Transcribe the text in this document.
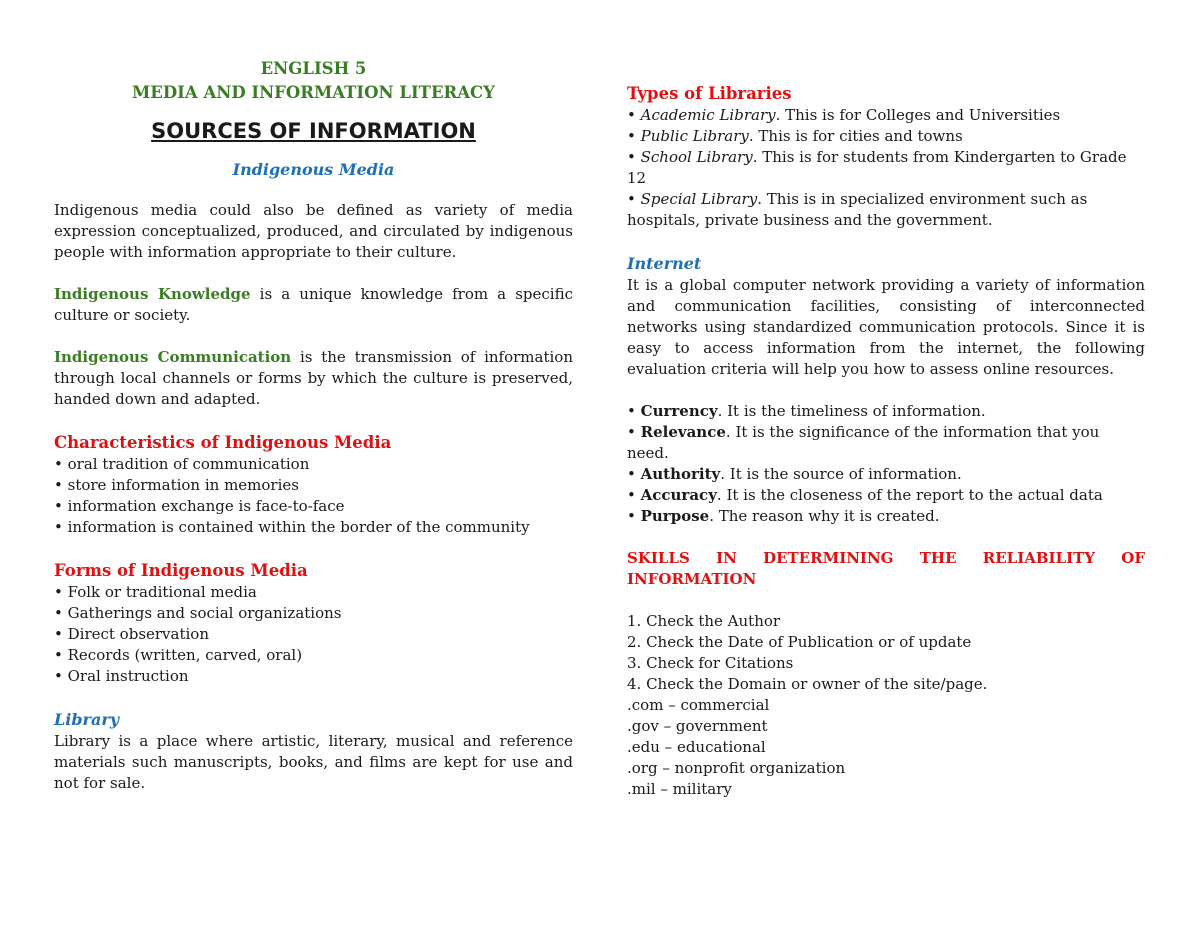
ENGLISH 5

MEDIA AND INFORMATION LITERACY

SOURCES OF INFORMATION

Indigenous Media

Indigenous media could also be defined as variety of media expression conceptualized, produced, and circulated by indigenous people with information appropriate to their culture.

Indigenous Knowledge is a unique knowledge from a specific culture or society.

Indigenous Communication is the transmission of information through local channels or forms by which the culture is preserved, handed down and adapted.

Characteristics of Indigenous Media

• oral tradition of communication

• store information in memories

• information exchange is face-to-face

• information is contained within the border of the community

Forms of Indigenous Media

• Folk or traditional media

• Gatherings and social organizations

• Direct observation

• Records (written, carved, oral)

• Oral instruction

Library

Library is a place where artistic, literary, musical and reference materials such manuscripts, books, and films are kept for use and not for sale.

Types of Libraries

• Academic Library. This is for Colleges and Universities

• Public Library. This is for cities and towns

• School Library. This is for students from Kindergarten to Grade 12

• Special Library. This is in specialized environment such as hospitals, private business and the government.

Internet

It is a global computer network providing a variety of information and communication facilities, consisting of interconnected networks using standardized communication protocols. Since it is easy to access information from the internet, the following evaluation criteria will help you how to assess online resources.

• Currency. It is the timeliness of information.

• Relevance. It is the significance of the information that you need.

• Authority. It is the source of information.

• Accuracy. It is the closeness of the report to the actual data

• Purpose. The reason why it is created.

SKILLS IN DETERMINING THE RELIABILITY OF INFORMATION

1. Check the Author

2. Check the Date of Publication or of update

3. Check for Citations

4. Check the Domain or owner of the site/page.

.com – commercial

.gov – government

.edu – educational

.org – nonprofit organization

.mil – military
